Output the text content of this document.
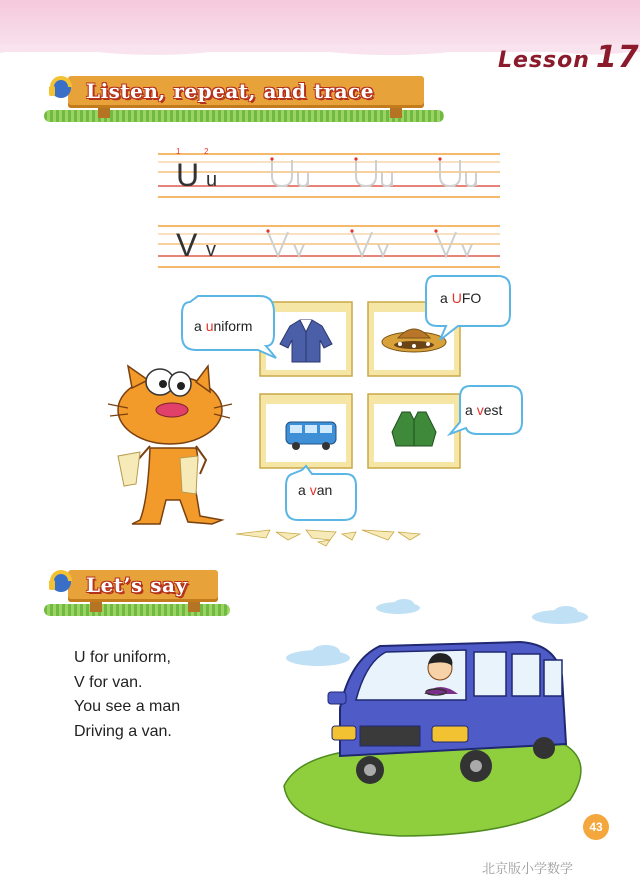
Lesson 17
Listen, repeat, and trace
1	2
U u
V v
a uniform
a UFO
a vest
a van
Let’s say
U for uniform,
V for van.
You see a man
Driving a van.
43
北京版小学数学
